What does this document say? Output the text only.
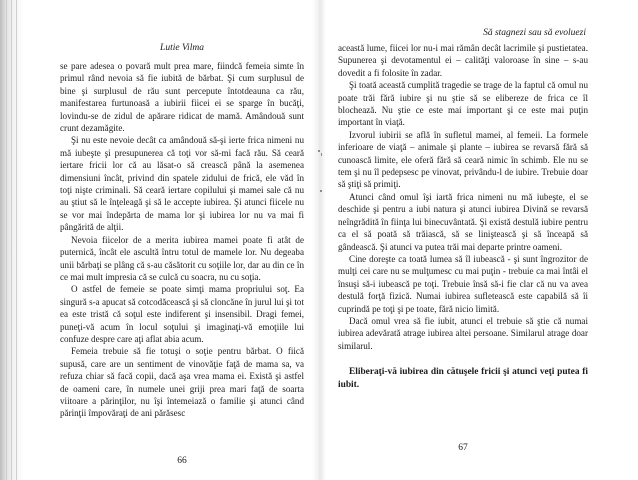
Lutie Vilma

se pare adesea o povară mult prea mare, fiindcă femeia simte în primul rând nevoia să fie iubită de bărbat. Şi cum surplusul de bine şi surplusul de rău sunt percepute întotdeauna ca rău, manifestarea furtunoasă a iubirii fiicei ei se sparge în bucăţi, lovindu-se de zidul de apărare ridicat de mamă. Amândouă sunt crunt dezamăgite.

Şi nu este nevoie decât ca amândouă să-şi ierte frica nimeni nu mă iubeşte şi presupunerea că toţi vor să-mi facă rău. Să ceară iertare fricii lor că au lăsat-o să crească până la asemenea dimensiuni încât, privind din spatele zidului de frică, ele văd în toţi nişte criminali. Să ceară iertare copilului şi mamei sale că nu au ştiut să le înţeleagă şi să le accepte iubirea. Şi atunci fiicele nu se vor mai îndepărta de mama lor şi iubirea lor nu va mai fi pângărită de alţii.

Nevoia fiicelor de a merita iubirea mamei poate fi atât de puternică, încât ele ascultă întru totul de mamele lor. Nu degeaba unii bărbaţi se plâng că s-au căsătorit cu soţiile lor, dar au din ce în ce mai mult impresia că se culcă cu soacra, nu cu soţia.

O astfel de femeie se poate simţi mama propriului soţ. Ea singură s-a apucat să cotcodăcească şi să cloncăne în jurul lui şi tot ea este tristă că soţul este indiferent şi insensibil. Dragi femei, puneţi-vă acum în locul soţului şi imaginaţi-vă emoţiile lui confuze despre care aţi aflat abia acum.

Femeia trebuie să fie totuşi o soţie pentru bărbat. O fiică supusă, care are un sentiment de vinovăţie faţă de mama sa, va refuza chiar să facă copii, dacă aşa vrea mama ei. Există şi astfel de oameni care, în numele unei griji prea mari faţă de soarta viitoare a părinţilor, nu îşi întemeiază o familie şi atunci când părinţii împovăraţi de ani părăsesc

66
Să stagnezi sau să evoluezi

această lume, fiicei lor nu-i mai rămân decât lacrimile şi pustietatea. Supunerea şi devotamentul ei – calităţi valoroase în sine – s-au dovedit a fi folosite în zadar.

Şi toată această cumplită tragedie se trage de la faptul că omul nu poate trăi fără iubire şi nu ştie să se elibereze de frica ce îl blochează. Nu ştie ce este mai important şi ce este mai puţin important în viaţă.

Izvorul iubirii se află în sufletul mamei, al femeii. La formele inferioare de viaţă – animale şi plante – iubirea se revarsă fără să cunoască limite, ele oferă fără să ceară nimic în schimb. Ele nu se tem şi nu îl pedepsesc pe vinovat, privându-l de iubire. Trebuie doar să ştiţi să primiţi.

Atunci când omul îşi iartă frica nimeni nu mă iubeşte, el se deschide şi pentru a iubi natura şi atunci iubirea Divină se revarsă neîngrădită în fiinţa lui binecuvântată. Şi există destulă iubire pentru ca el să poată să trăiască, să se liniştească şi să înceapă să gândească. Şi atunci va putea trăi mai departe printre oameni.

Cine doreşte ca toată lumea să îl iubească - şi sunt îngrozitor de mulţi cei care nu se mulţumesc cu mai puţin - trebuie ca mai întâi el însuşi să-i iubească pe toţi. Trebuie însă să-i fie clar că nu va avea destulă forţă fizică. Numai iubirea sufletească este capabilă să îi cuprindă pe toţi şi pe toate, fără nicio limită.

Dacă omul vrea să fie iubit, atunci el trebuie să ştie că numai iubirea adevărată atrage iubirea altei persoane. Similarul atrage doar similarul.

Eliberaţi-vă iubirea din cătuşele fricii şi atunci veţi putea fi iubit.

67
